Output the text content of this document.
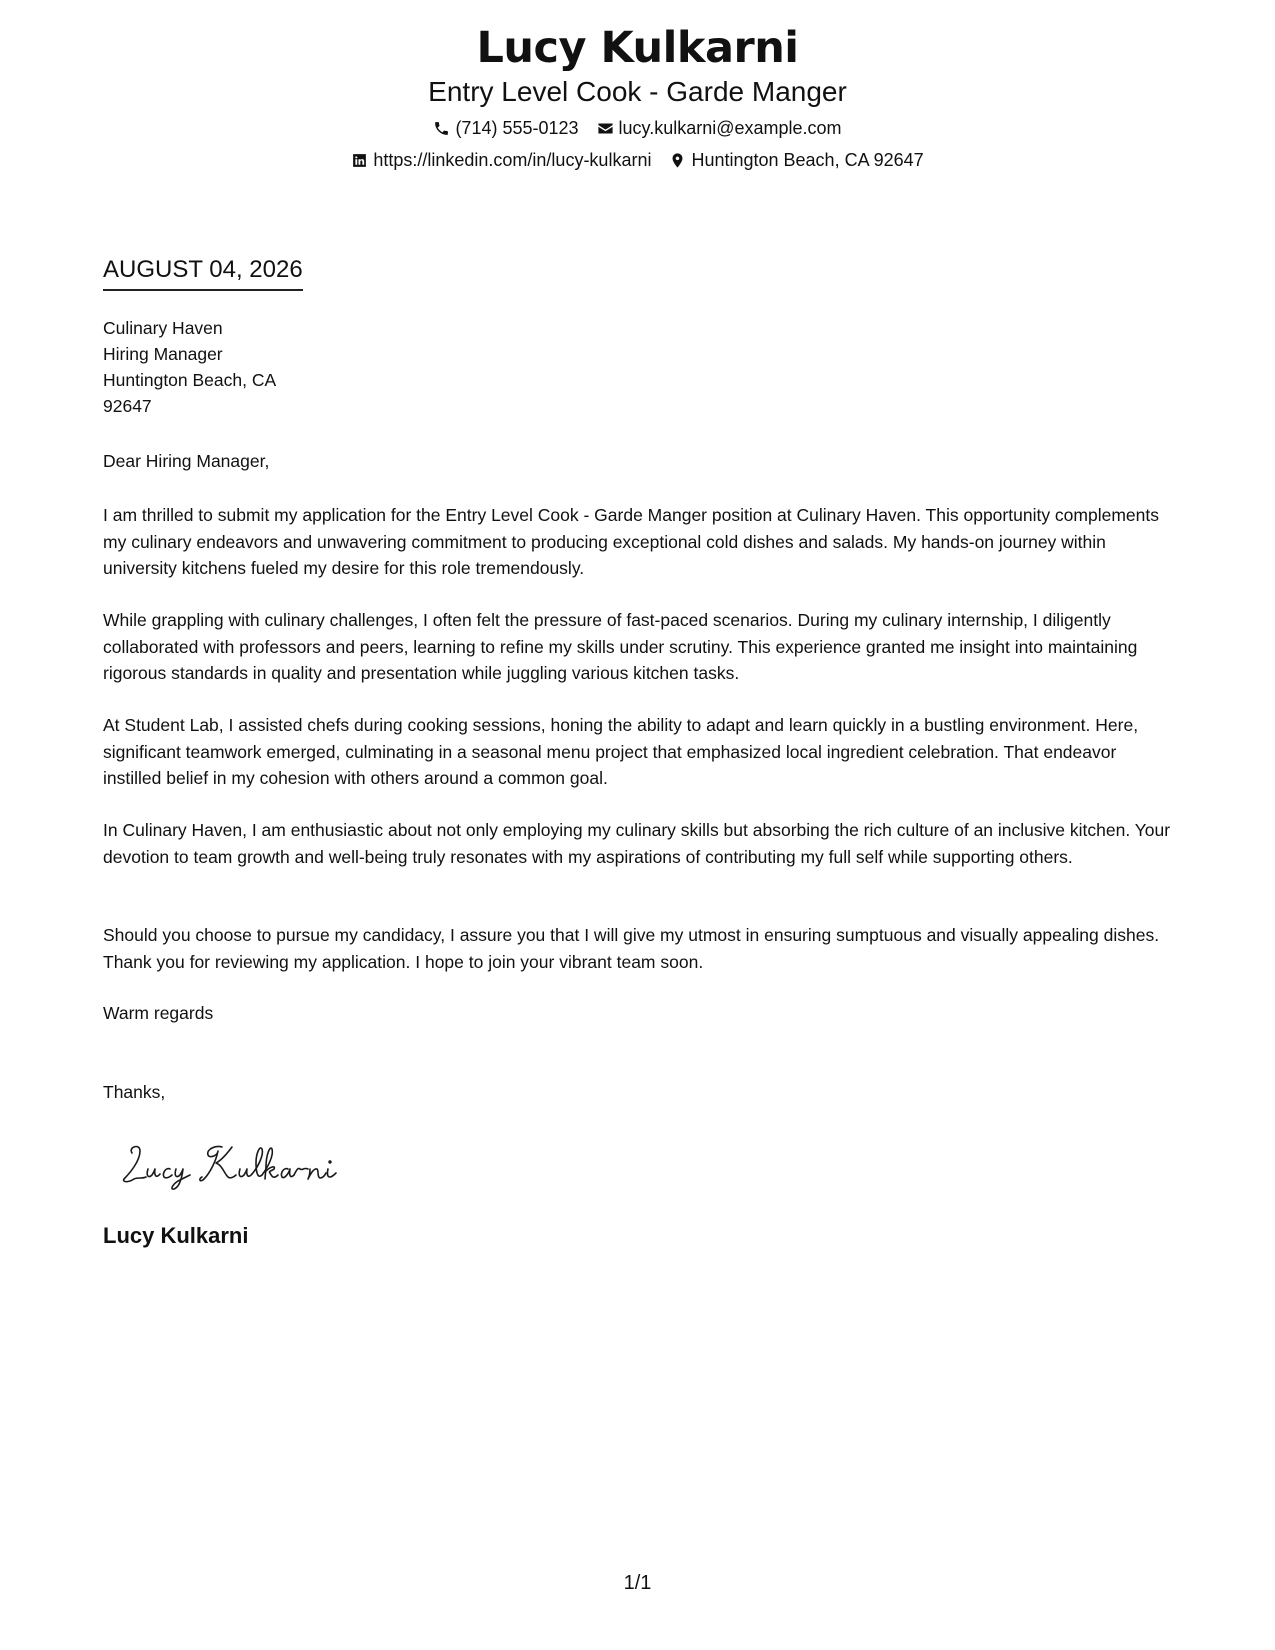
Lucy Kulkarni
Entry Level Cook - Garde Manger
(714) 555-0123 lucy.kulkarni@example.com
https://linkedin.com/in/lucy-kulkarni Huntington Beach, CA 92647
AUGUST 04, 2026
Culinary Haven
Hiring Manager
Huntington Beach, CA
92647
Dear Hiring Manager,
I am thrilled to submit my application for the Entry Level Cook - Garde Manger position at Culinary Haven. This opportunity complements my culinary endeavors and unwavering commitment to producing exceptional cold dishes and salads. My hands-on journey within university kitchens fueled my desire for this role tremendously.
While grappling with culinary challenges, I often felt the pressure of fast-paced scenarios. During my culinary internship, I diligently collaborated with professors and peers, learning to refine my skills under scrutiny. This experience granted me insight into maintaining rigorous standards in quality and presentation while juggling various kitchen tasks.
At Student Lab, I assisted chefs during cooking sessions, honing the ability to adapt and learn quickly in a bustling environment. Here, significant teamwork emerged, culminating in a seasonal menu project that emphasized local ingredient celebration. That endeavor instilled belief in my cohesion with others around a common goal.
In Culinary Haven, I am enthusiastic about not only employing my culinary skills but absorbing the rich culture of an inclusive kitchen. Your devotion to team growth and well-being truly resonates with my aspirations of contributing my full self while supporting others.
Should you choose to pursue my candidacy, I assure you that I will give my utmost in ensuring sumptuous and visually appealing dishes. Thank you for reviewing my application. I hope to join your vibrant team soon.
Warm regards
Thanks,
Lucy Kulkarni
1/1
